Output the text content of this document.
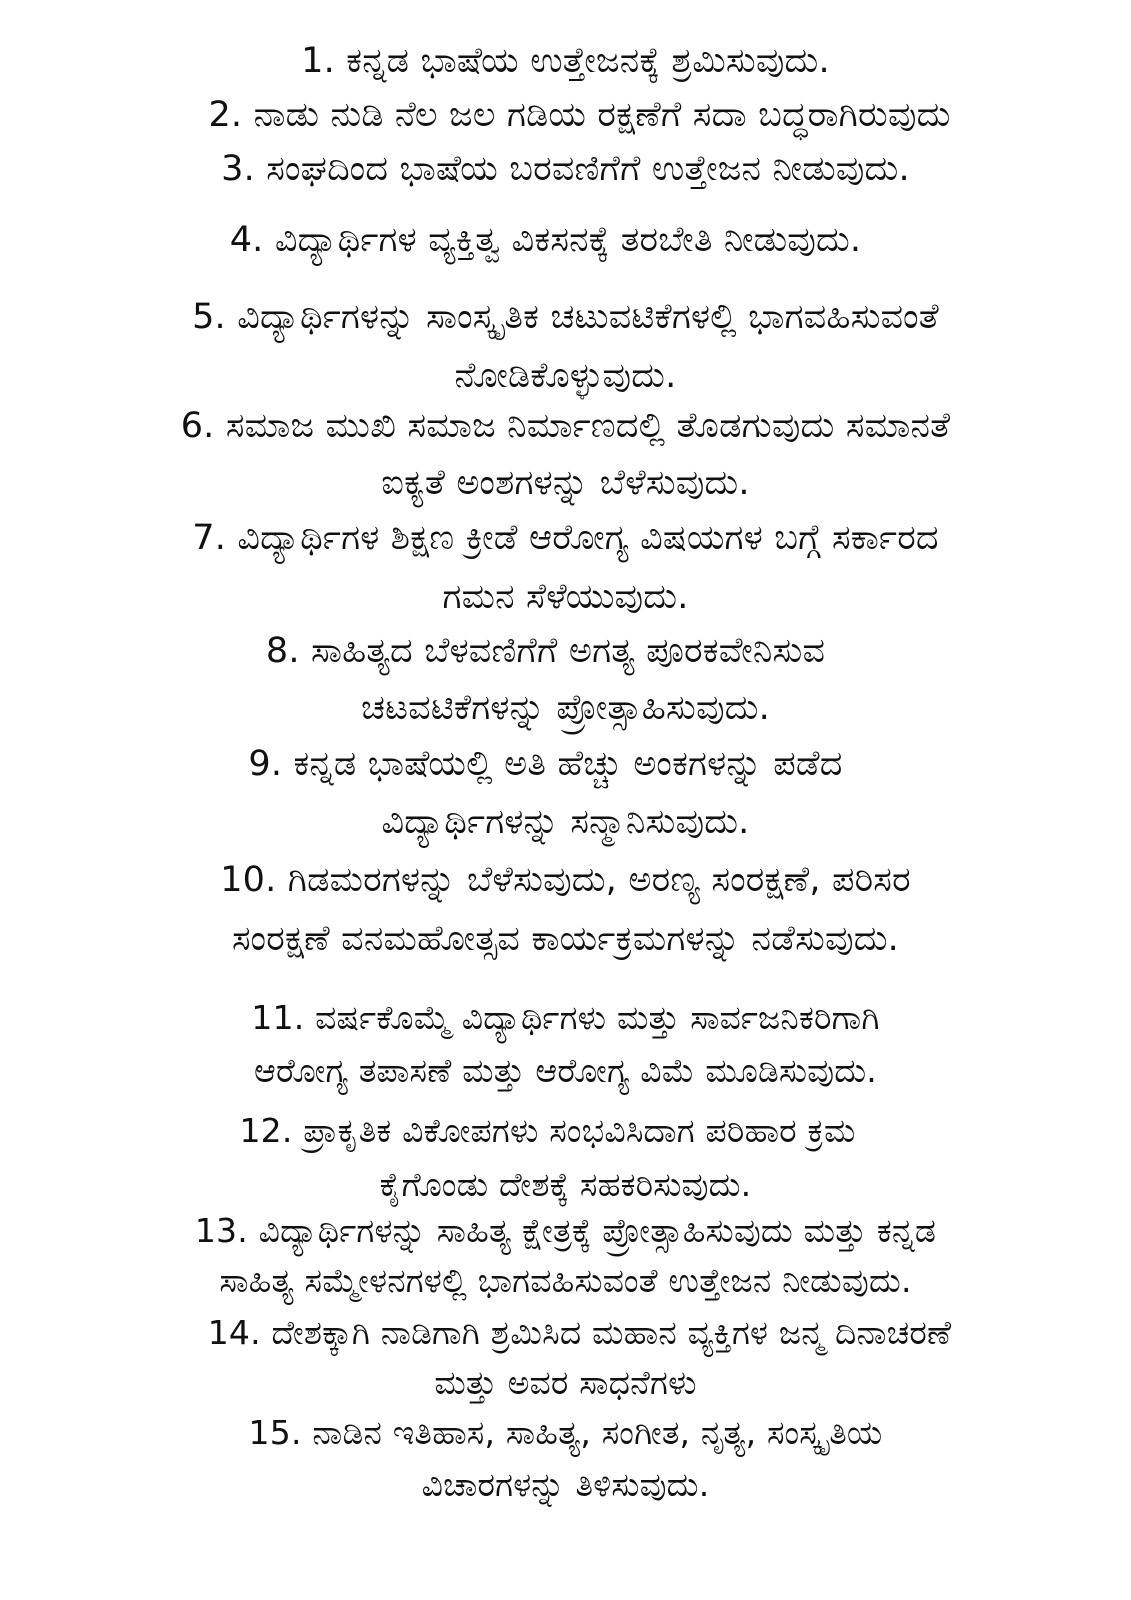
1. ಕನ್ನಡ ಭಾಷೆಯ ಉತ್ತೇಜನಕ್ಕೆ ಶ್ರಮಿಸುವುದು.
2. ನಾಡು ನುಡಿ ನೆಲ ಜಲ ಗಡಿಯ ರಕ್ಷಣೆಗೆ ಸದಾ ಬದ್ಧರಾಗಿರುವುದು
3. ಸಂಘದಿಂದ ಭಾಷೆಯ ಬರವಣಿಗೆಗೆ ಉತ್ತೇಜನ ನೀಡುವುದು.
4. ವಿದ್ಯಾರ್ಥಿಗಳ ವ್ಯಕ್ತಿತ್ವ ವಿಕಸನಕ್ಕೆ ತರಬೇತಿ ನೀಡುವುದು.
5. ವಿದ್ಯಾರ್ಥಿಗಳನ್ನು ಸಾಂಸ್ಕೃತಿಕ ಚಟುವಟಿಕೆಗಳಲ್ಲಿ ಭಾಗವಹಿಸುವಂತೆ
ನೋಡಿಕೊಳ್ಳುವುದು.
6. ಸಮಾಜ ಮುಖಿ ಸಮಾಜ ನಿರ್ಮಾಣದಲ್ಲಿ ತೊಡಗುವುದು ಸಮಾನತೆ
ಐಕ್ಯತೆ ಅಂಶಗಳನ್ನು ಬೆಳೆಸುವುದು.
7. ವಿದ್ಯಾರ್ಥಿಗಳ ಶಿಕ್ಷಣ ಕ್ರೀಡೆ ಆರೋಗ್ಯ ವಿಷಯಗಳ ಬಗ್ಗೆ ಸರ್ಕಾರದ
ಗಮನ ಸೆಳೆಯುವುದು.
8. ಸಾಹಿತ್ಯದ ಬೆಳವಣಿಗೆಗೆ ಅಗತ್ಯ ಪೂರಕವೇನಿಸುವ
ಚಟವಟಿಕೆಗಳನ್ನು ಪ್ರೋತ್ಸಾಹಿಸುವುದು.
9. ಕನ್ನಡ ಭಾಷೆಯಲ್ಲಿ ಅತಿ ಹೆಚ್ಚು ಅಂಕಗಳನ್ನು ಪಡೆದ
ವಿದ್ಯಾರ್ಥಿಗಳನ್ನು ಸನ್ಮಾನಿಸುವುದು.
10. ಗಿಡಮರಗಳನ್ನು ಬೆಳೆಸುವುದು, ಅರಣ್ಯ ಸಂರಕ್ಷಣೆ, ಪರಿಸರ
ಸಂರಕ್ಷಣೆ ವನಮಹೋತ್ಸವ ಕಾರ್ಯಕ್ರಮಗಳನ್ನು ನಡೆಸುವುದು.
11. ವರ್ಷಕೊಮ್ಮೆ ವಿದ್ಯಾರ್ಥಿಗಳು ಮತ್ತು ಸಾರ್ವಜನಿಕರಿಗಾಗಿ
ಆರೋಗ್ಯ ತಪಾಸಣೆ ಮತ್ತು ಆರೋಗ್ಯ ವಿಮೆ ಮೂಡಿಸುವುದು.
12. ಪ್ರಾಕೃತಿಕ ವಿಕೋಪಗಳು ಸಂಭವಿಸಿದಾಗ ಪರಿಹಾರ ಕ್ರಮ
ಕೈಗೊಂಡು ದೇಶಕ್ಕೆ ಸಹಕರಿಸುವುದು.
13. ವಿದ್ಯಾರ್ಥಿಗಳನ್ನು ಸಾಹಿತ್ಯ ಕ್ಷೇತ್ರಕ್ಕೆ ಪ್ರೋತ್ಸಾಹಿಸುವುದು ಮತ್ತು ಕನ್ನಡ
ಸಾಹಿತ್ಯ ಸಮ್ಮೇಳನಗಳಲ್ಲಿ ಭಾಗವಹಿಸುವಂತೆ ಉತ್ತೇಜನ ನೀಡುವುದು.
14. ದೇಶಕ್ಕಾಗಿ ನಾಡಿಗಾಗಿ ಶ್ರಮಿಸಿದ ಮಹಾನ ವ್ಯಕ್ತಿಗಳ ಜನ್ಮ ದಿನಾಚರಣೆ
ಮತ್ತು ಅವರ ಸಾಧನೆಗಳು
15. ನಾಡಿನ ಇತಿಹಾಸ, ಸಾಹಿತ್ಯ, ಸಂಗೀತ, ನೃತ್ಯ, ಸಂಸ್ಕೃತಿಯ
ವಿಚಾರಗಳನ್ನು ತಿಳಿಸುವುದು.
